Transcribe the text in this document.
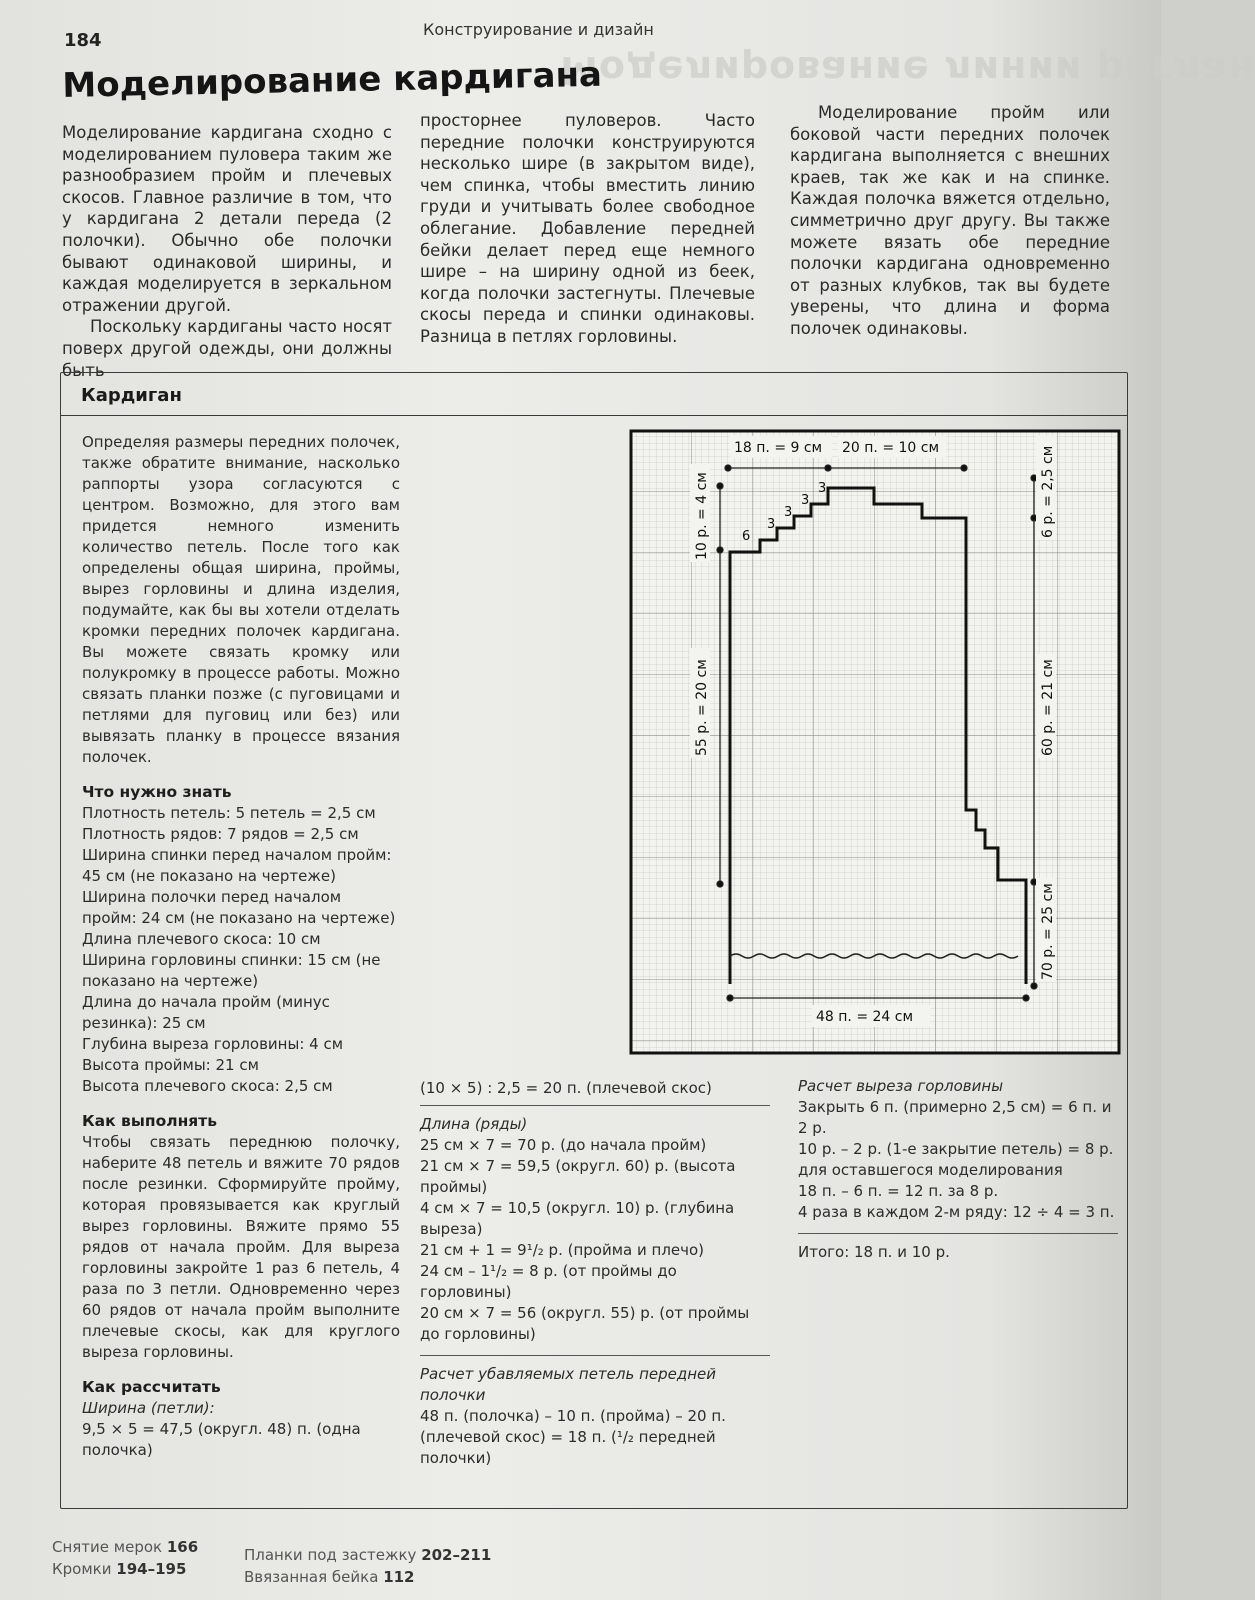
Моделирование линии реглан
184
Конструирование и дизайн
Моделирование кардигана

Моделирование кардигана сходно с моделированием пуловера таким же разнообразием пройм и плечевых скосов. Главное различие в том, что у кардигана 2 детали переда (2 полочки). Обычно обе полочки бывают одинаковой ширины, и каждая моделируется в зеркальном отражении другой.

Поскольку кардиганы часто носят поверх другой одежды, они должны быть

просторнее пуловеров. Часто передние полочки конструируются несколько шире (в закрытом виде), чем спинка, чтобы вместить линию груди и учитывать более свободное облегание. Добавление передней бейки делает перед еще немного шире – на ширину одной из беек, когда полочки застегнуты. Плечевые скосы переда и спинки одинаковы. Разница в петлях горловины.

Моделирование пройм или боковой части передних полочек кардигана выполняется с внешних краев, так же как и на спинке. Каждая полочка вяжется отдельно, симметрично друг другу. Вы также можете вязать обе передние полочки кардигана одновременно от разных клубков, так вы будете уверены, что длина и форма полочек одинаковы.

Кардиган

Определяя размеры передних полочек, также обратите внимание, насколько раппорты узора согласуются с центром. Возможно, для этого вам придется немного изменить количество петель. После того как определены общая ширина, проймы, вырез горловины и длина изделия, подумайте, как бы вы хотели отделать кромки передних полочек кардигана. Вы можете связать кромку или полукромку в процессе работы. Можно связать планки позже (с пуговицами и петлями для пуговиц или без) или вывязать планку в процессе вязания полочек.

Что нужно знать

Плотность петель: 5 петель = 2,5 см

Плотность рядов: 7 рядов = 2,5 см

Ширина спинки перед началом пройм: 45 см (не показано на чертеже)

Ширина полочки перед началом пройм: 24 см (не показано на чертеже)

Длина плечевого скоса: 10 см

Ширина горловины спинки: 15 см (не показано на чертеже)

Длина до начала пройм (минус резинка): 25 см

Глубина выреза горловины: 4 см

Высота проймы: 21 см

Высота плечевого скоса: 2,5 см

Как выполнять

Чтобы связать переднюю полочку, наберите 48 петель и вяжите 70 рядов после резинки. Сформируйте пройму, которая провязывается как круглый вырез горловины. Вяжите прямо 55 рядов от начала пройм. Для выреза горловины закройте 1 раз 6 петель, 4 раза по 3 петли. Одновременно через 60 рядов от начала пройм выполните плечевые скосы, как для круглого выреза горловины.

Как рассчитать

Ширина (петли):

9,5 × 5 = 47,5 (округл. 48) п. (одна полочка)

(10 × 5) : 2,5 = 20 п. (плечевой скос)

Длина (ряды)

25 см × 7 = 70 р. (до начала пройм)

21 см × 7 = 59,5 (округл. 60) р. (высота проймы)

4 см × 7 = 10,5 (округл. 10) р. (глубина выреза)

21 см + 1 = 9¹/₂ р. (пройма и плечо)

24 см – 1¹/₂ = 8 р. (от проймы до горловины)

20 см × 7 = 56 (округл. 55) р. (от проймы до горловины)

Расчет убавляемых петель передней полочки

48 п. (полочка) – 10 п. (пройма) – 20 п. (плечевой скос) = 18 п. (¹/₂ передней полочки)

Расчет выреза горловины

Закрыть 6 п. (примерно 2,5 см) = 6 п. и 2 р.

10 р. – 2 р. (1-е закрытие петель) = 8 р. для оставшегося моделирования

18 п. – 6 п. = 12 п. за 8 р.

4 раза в каждом 2-м ряду: 12 ÷ 4 = 3 п.

Итого: 18 п. и 10 р.

18 п. = 9 см 20 п. = 10 см
10 р. = 4 см
55 р. = 20 см
6 р. = 2,5 см
60 р. = 21 см
70 р. = 25 см
48 п. = 24 см
6
3
3
3
3
Снятие мерок 166
Кромки 194–195
Планки под застежку 202–211
Ввязанная бейка 112
